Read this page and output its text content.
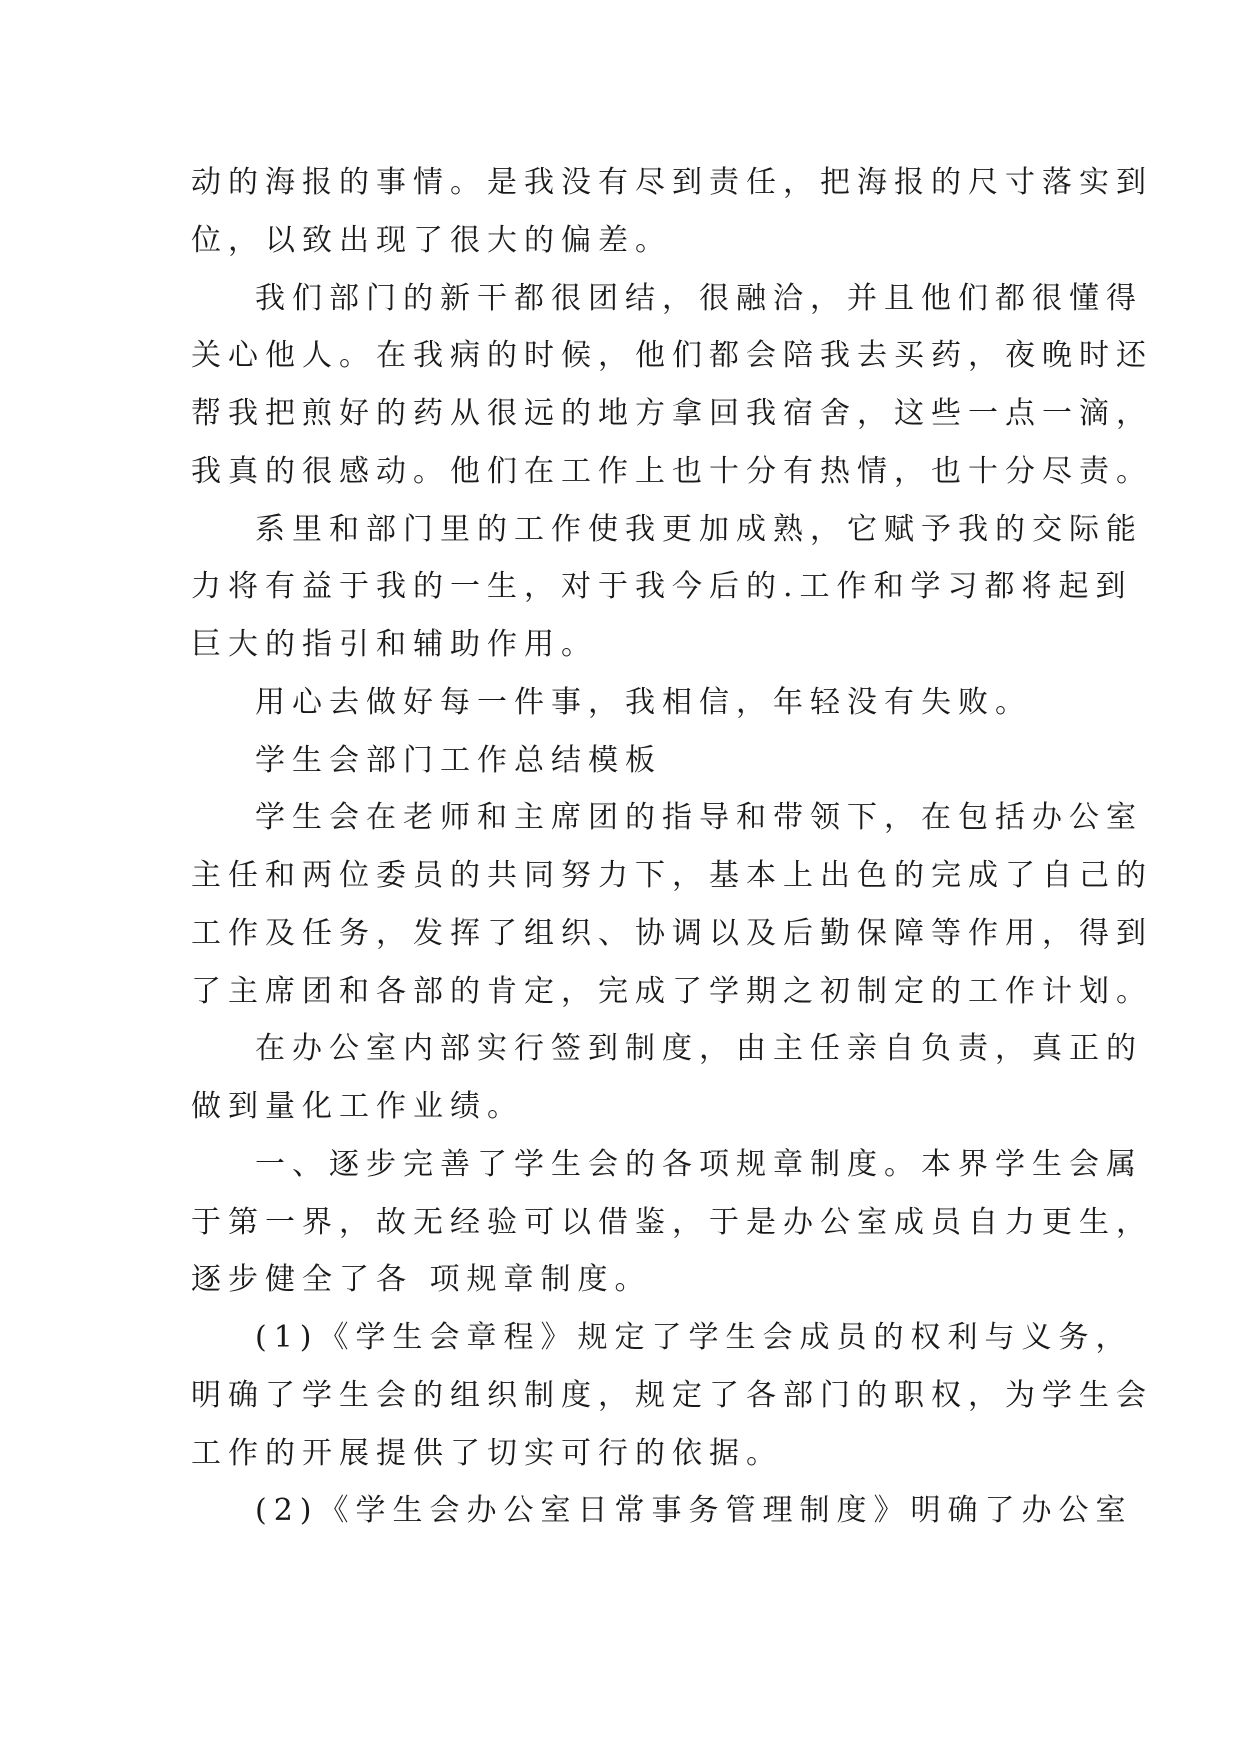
动的海报的事情。是我没有尽到责任，把海报的尺寸落实到
位，以致出现了很大的偏差。
我们部门的新干都很团结，很融洽，并且他们都很懂得
关心他人。在我病的时候，他们都会陪我去买药，夜晚时还
帮我把煎好的药从很远的地方拿回我宿舍，这些一点一滴，
我真的很感动。他们在工作上也十分有热情，也十分尽责。
系里和部门里的工作使我更加成熟，它赋予我的交际能
力将有益于我的一生，对于我今后的.工作和学习都将起到
巨大的指引和辅助作用。
用心去做好每一件事，我相信，年轻没有失败。
学生会部门工作总结模板
学生会在老师和主席团的指导和带领下，在包括办公室
主任和两位委员的共同努力下，基本上出色的完成了自己的
工作及任务，发挥了组织、协调以及后勤保障等作用，得到
了主席团和各部的肯定，完成了学期之初制定的工作计划。
在办公室内部实行签到制度，由主任亲自负责，真正的
做到量化工作业绩。
一、逐步完善了学生会的各项规章制度。本界学生会属
于第一界，故无经验可以借鉴，于是办公室成员自力更生，
逐步健全了各 项规章制度。
(1)《学生会章程》规定了学生会成员的权利与义务，
明确了学生会的组织制度，规定了各部门的职权，为学生会
工作的开展提供了切实可行的依据。
(2)《学生会办公室日常事务管理制度》明确了办公室
